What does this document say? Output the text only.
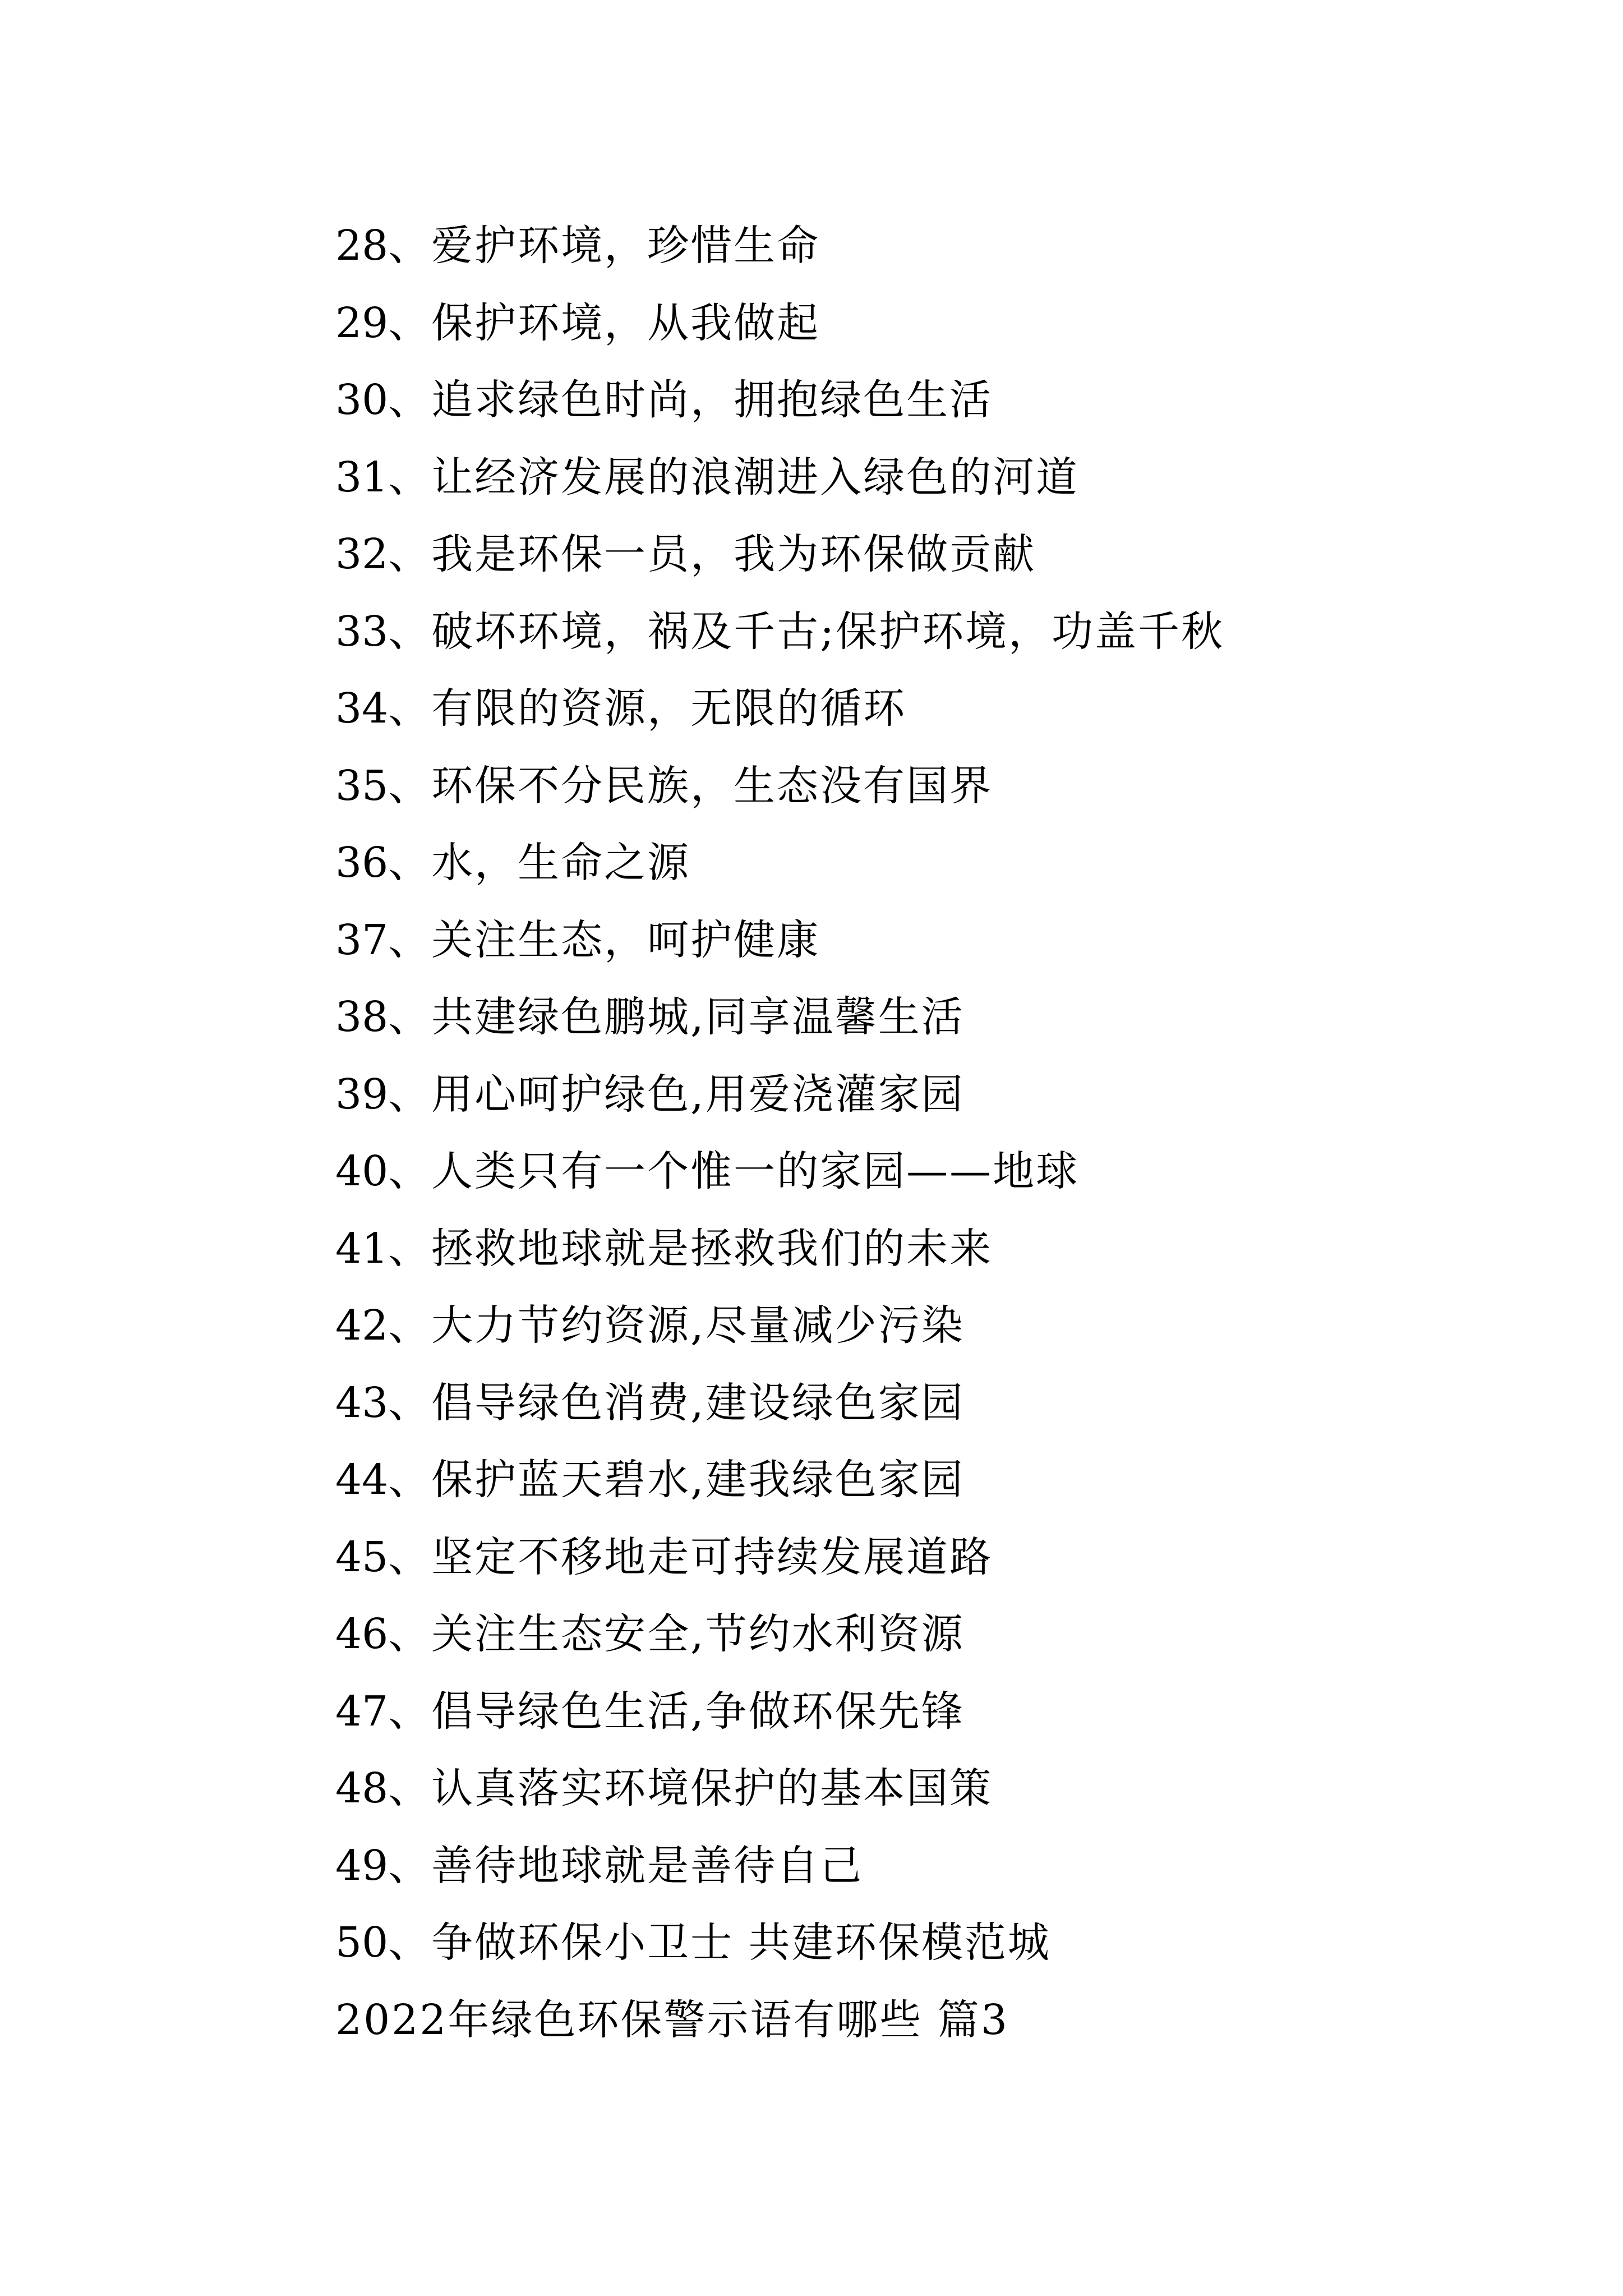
28、爱护环境，珍惜生命
29、保护环境，从我做起
30、追求绿色时尚，拥抱绿色生活
31、让经济发展的浪潮进入绿色的河道
32、我是环保一员，我为环保做贡献
33、破坏环境，祸及千古;保护环境，功盖千秋
34、有限的资源，无限的循环
35、环保不分民族，生态没有国界
36、水，生命之源
37、关注生态，呵护健康
38、共建绿色鹏城,同享温馨生活
39、用心呵护绿色,用爱浇灌家园
40、人类只有一个惟一的家园——地球
41、拯救地球就是拯救我们的未来
42、大力节约资源,尽量减少污染
43、倡导绿色消费,建设绿色家园
44、保护蓝天碧水,建我绿色家园
45、坚定不移地走可持续发展道路
46、关注生态安全,节约水利资源
47、倡导绿色生活,争做环保先锋
48、认真落实环境保护的基本国策
49、善待地球就是善待自己
50、争做环保小卫士 共建环保模范城
2022年绿色环保警示语有哪些 篇3
